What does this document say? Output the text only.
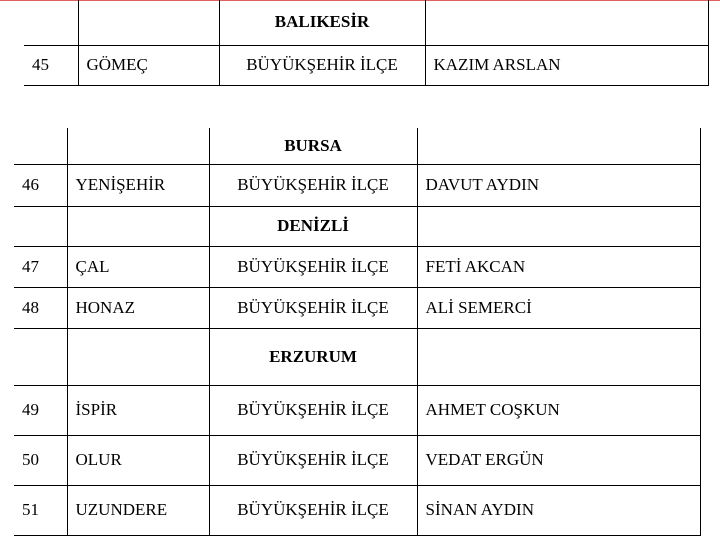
		BALIKESİR	
45	GÖMEÇ	BÜYÜKŞEHİR İLÇE	KAZIM ARSLAN
		BURSA	
46	YENİŞEHİR	BÜYÜKŞEHİR İLÇE	DAVUT AYDIN
		DENİZLİ	
47	ÇAL	BÜYÜKŞEHİR İLÇE	FETİ AKCAN
48	HONAZ	BÜYÜKŞEHİR İLÇE	ALİ SEMERCİ
		ERZURUM	
49	İSPİR	BÜYÜKŞEHİR İLÇE	AHMET COŞKUN
50	OLUR	BÜYÜKŞEHİR İLÇE	VEDAT ERGÜN
51	UZUNDERE	BÜYÜKŞEHİR İLÇE	SİNAN AYDIN
